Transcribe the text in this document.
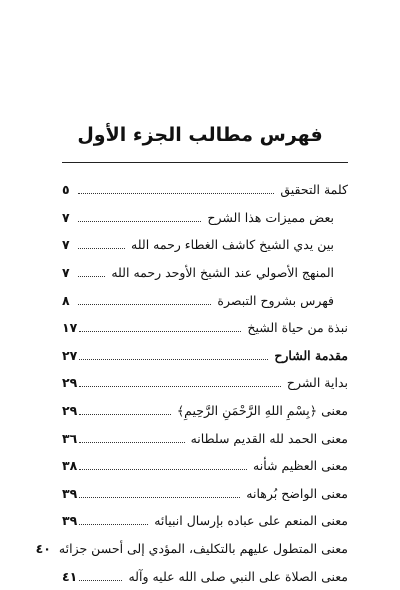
فهرس مطالب الجزء الأول
كلمة التحقيق
٥
بعض مميزات هذا الشرح
٧
بين يدي الشيخ كاشف الغطاء رحمه الله
٧
المنهج الأصولي عند الشيخ الأوحد رحمه الله
٧
فهرس بشروح التبصرة
٨
نبذة من حياة الشيخ
١٧
مقدمة الشارح
٢٧
بداية الشرح
٢٩
معنى ﴿بِسْمِ اللهِ الرَّحْمَنِ الرَّحِيمِ﴾
٢٩
معنى الحمد لله القديم سلطانه
٣٦
معنى العظيم شأنه
٣٨
معنى الواضح بُرهانه
٣٩
معنى المنعم على عباده بإرسال انبيائه
٣٩
معنى المتطول عليهم بالتكليف، المؤدي إلى أحسن جزائه
٤٠
معنى الصلاة على النبي صلى الله عليه وآله
٤١
